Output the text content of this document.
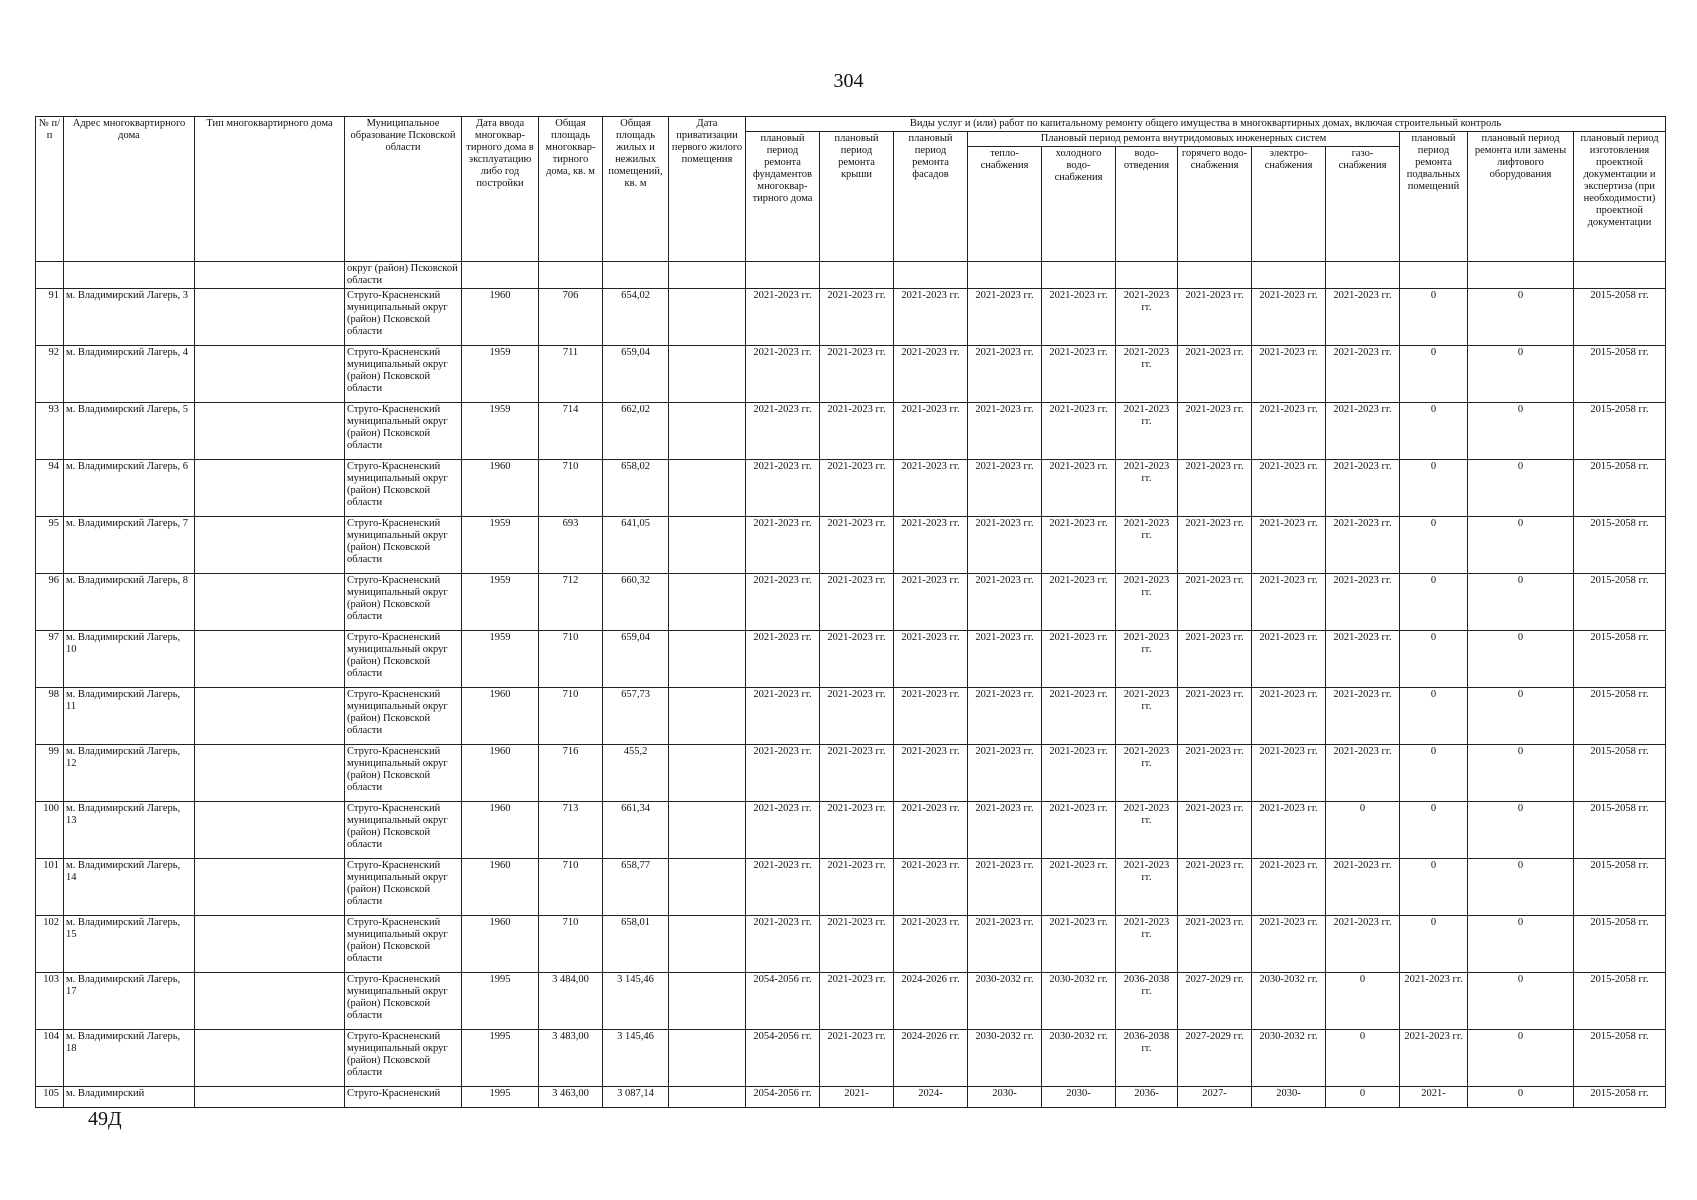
304
№ п/п	Адрес многоквартирного дома	Тип многоквартирного дома	Муниципальное образование Псковской области	Дата ввода многоквар-тирного дома в эксплуатацию либо год постройки	Общая площадь многоквар-тирного дома, кв. м	Общая площадь жилых и нежилых помещений, кв. м	Дата приватизации первого жилого помещения	Виды услуг и (или) работ по капитальному ремонту общего имущества в многоквартирных домах, включая строительный контроль											
								плановый период ремонта фундаментов многоквар-тирного дома	плановый период ремонта крыши	плановый период ремонта фасадов	Плановый период ремонта внутридомовых инженерных систем						плановый период ремонта подвальных помещений	плановый период ремонта или замены лифтового оборудования	плановый период изготовления проектной документации и экспертиза (при необходимости) проектной документации
											тепло-снабжения	холодного водо-снабжения	водо-отведения	горячего водо-снабжения	электро-снабжения	газо-снабжения			
			округ (район) Псковской области																
91	м. Владимирский Лагерь, 3		Струго-Красненский муниципальный округ (район) Псковской области	1960	706	654,02		2021-2023 гг.	2021-2023 гг.	2021-2023 гг.	2021-2023 гг.	2021-2023 гг.	2021-2023 гг.	2021-2023 гг.	2021-2023 гг.	2021-2023 гг.	0	0	2015-2058 гг.
92	м. Владимирский Лагерь, 4		Струго-Красненский муниципальный округ (район) Псковской области	1959	711	659,04		2021-2023 гг.	2021-2023 гг.	2021-2023 гг.	2021-2023 гг.	2021-2023 гг.	2021-2023 гг.	2021-2023 гг.	2021-2023 гг.	2021-2023 гг.	0	0	2015-2058 гг.
93	м. Владимирский Лагерь, 5		Струго-Красненский муниципальный округ (район) Псковской области	1959	714	662,02		2021-2023 гг.	2021-2023 гг.	2021-2023 гг.	2021-2023 гг.	2021-2023 гг.	2021-2023 гг.	2021-2023 гг.	2021-2023 гг.	2021-2023 гг.	0	0	2015-2058 гг.
94	м. Владимирский Лагерь, 6		Струго-Красненский муниципальный округ (район) Псковской области	1960	710	658,02		2021-2023 гг.	2021-2023 гг.	2021-2023 гг.	2021-2023 гг.	2021-2023 гг.	2021-2023 гг.	2021-2023 гг.	2021-2023 гг.	2021-2023 гг.	0	0	2015-2058 гг.
95	м. Владимирский Лагерь, 7		Струго-Красненский муниципальный округ (район) Псковской области	1959	693	641,05		2021-2023 гг.	2021-2023 гг.	2021-2023 гг.	2021-2023 гг.	2021-2023 гг.	2021-2023 гг.	2021-2023 гг.	2021-2023 гг.	2021-2023 гг.	0	0	2015-2058 гг.
96	м. Владимирский Лагерь, 8		Струго-Красненский муниципальный округ (район) Псковской области	1959	712	660,32		2021-2023 гг.	2021-2023 гг.	2021-2023 гг.	2021-2023 гг.	2021-2023 гг.	2021-2023 гг.	2021-2023 гг.	2021-2023 гг.	2021-2023 гг.	0	0	2015-2058 гг.
97	м. Владимирский Лагерь, 10		Струго-Красненский муниципальный округ (район) Псковской области	1959	710	659,04		2021-2023 гг.	2021-2023 гг.	2021-2023 гг.	2021-2023 гг.	2021-2023 гг.	2021-2023 гг.	2021-2023 гг.	2021-2023 гг.	2021-2023 гг.	0	0	2015-2058 гг.
98	м. Владимирский Лагерь, 11		Струго-Красненский муниципальный округ (район) Псковской области	1960	710	657,73		2021-2023 гг.	2021-2023 гг.	2021-2023 гг.	2021-2023 гг.	2021-2023 гг.	2021-2023 гг.	2021-2023 гг.	2021-2023 гг.	2021-2023 гг.	0	0	2015-2058 гг.
99	м. Владимирский Лагерь, 12		Струго-Красненский муниципальный округ (район) Псковской области	1960	716	455,2		2021-2023 гг.	2021-2023 гг.	2021-2023 гг.	2021-2023 гг.	2021-2023 гг.	2021-2023 гг.	2021-2023 гг.	2021-2023 гг.	2021-2023 гг.	0	0	2015-2058 гг.
100	м. Владимирский Лагерь, 13		Струго-Красненский муниципальный округ (район) Псковской области	1960	713	661,34		2021-2023 гг.	2021-2023 гг.	2021-2023 гг.	2021-2023 гг.	2021-2023 гг.	2021-2023 гг.	2021-2023 гг.	2021-2023 гг.	0	0	0	2015-2058 гг.
101	м. Владимирский Лагерь, 14		Струго-Красненский муниципальный округ (район) Псковской области	1960	710	658,77		2021-2023 гг.	2021-2023 гг.	2021-2023 гг.	2021-2023 гг.	2021-2023 гг.	2021-2023 гг.	2021-2023 гг.	2021-2023 гг.	2021-2023 гг.	0	0	2015-2058 гг.
102	м. Владимирский Лагерь, 15		Струго-Красненский муниципальный округ (район) Псковской области	1960	710	658,01		2021-2023 гг.	2021-2023 гг.	2021-2023 гг.	2021-2023 гг.	2021-2023 гг.	2021-2023 гг.	2021-2023 гг.	2021-2023 гг.	2021-2023 гг.	0	0	2015-2058 гг.
103	м. Владимирский Лагерь, 17		Струго-Красненский муниципальный округ (район) Псковской области	1995	3 484,00	3 145,46		2054-2056 гг.	2021-2023 гг.	2024-2026 гг.	2030-2032 гг.	2030-2032 гг.	2036-2038 гг.	2027-2029 гг.	2030-2032 гг.	0	2021-2023 гг.	0	2015-2058 гг.
104	м. Владимирский Лагерь, 18		Струго-Красненский муниципальный округ (район) Псковской области	1995	3 483,00	3 145,46		2054-2056 гг.	2021-2023 гг.	2024-2026 гг.	2030-2032 гг.	2030-2032 гг.	2036-2038 гг.	2027-2029 гг.	2030-2032 гг.	0	2021-2023 гг.	0	2015-2058 гг.
105	м. Владимирский		Струго-Красненский	1995	3 463,00	3 087,14		2054-2056 гг.	2021-	2024-	2030-	2030-	2036-	2027-	2030-	0	2021-	0	2015-2058 гг.
49Д
